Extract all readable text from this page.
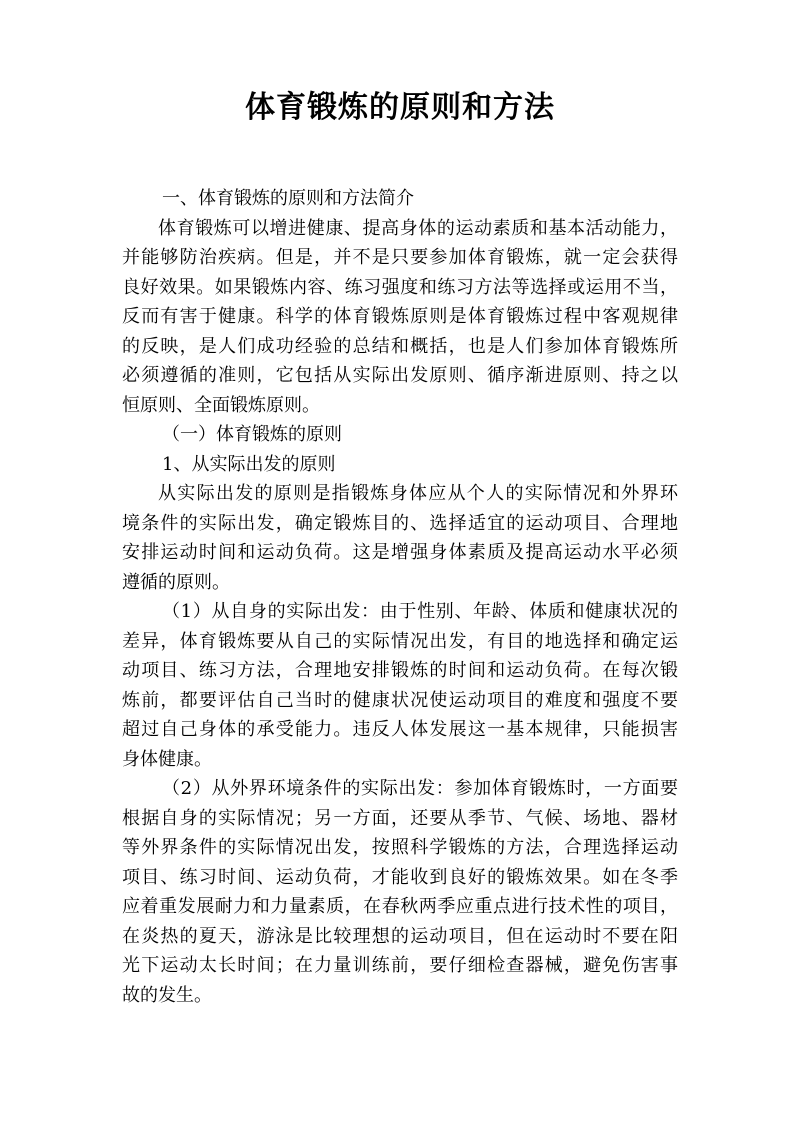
体育锻炼的原则和方法

一、体育锻炼的原则和方法简介

体育锻炼可以增进健康、提高身体的运动素质和基本活动能力，

并能够防治疾病。但是，并不是只要参加体育锻炼，就一定会获得

良好效果。如果锻炼内容、练习强度和练习方法等选择或运用不当，

反而有害于健康。科学的体育锻炼原则是体育锻炼过程中客观规律

的反映，是人们成功经验的总结和概括，也是人们参加体育锻炼所

必须遵循的准则，它包括从实际出发原则、循序渐进原则、持之以

恒原则、全面锻炼原则。

（一）体育锻炼的原则

1、从实际出发的原则

从实际出发的原则是指锻炼身体应从个人的实际情况和外界环

境条件的实际出发，确定锻炼目的、选择适宜的运动项目、合理地

安排运动时间和运动负荷。这是增强身体素质及提高运动水平必须

遵循的原则。

（1）从自身的实际出发：由于性别、年龄、体质和健康状况的

差异，体育锻炼要从自己的实际情况出发，有目的地选择和确定运

动项目、练习方法，合理地安排锻炼的时间和运动负荷。在每次锻

炼前，都要评估自己当时的健康状况使运动项目的难度和强度不要

超过自己身体的承受能力。违反人体发展这一基本规律，只能损害

身体健康。

（2）从外界环境条件的实际出发：参加体育锻炼时，一方面要

根据自身的实际情况；另一方面，还要从季节、气候、场地、器材

等外界条件的实际情况出发，按照科学锻炼的方法，合理选择运动

项目、练习时间、运动负荷，才能收到良好的锻炼效果。如在冬季

应着重发展耐力和力量素质，在春秋两季应重点进行技术性的项目，

在炎热的夏天，游泳是比较理想的运动项目，但在运动时不要在阳

光下运动太长时间；在力量训练前，要仔细检查器械，避免伤害事

故的发生。
